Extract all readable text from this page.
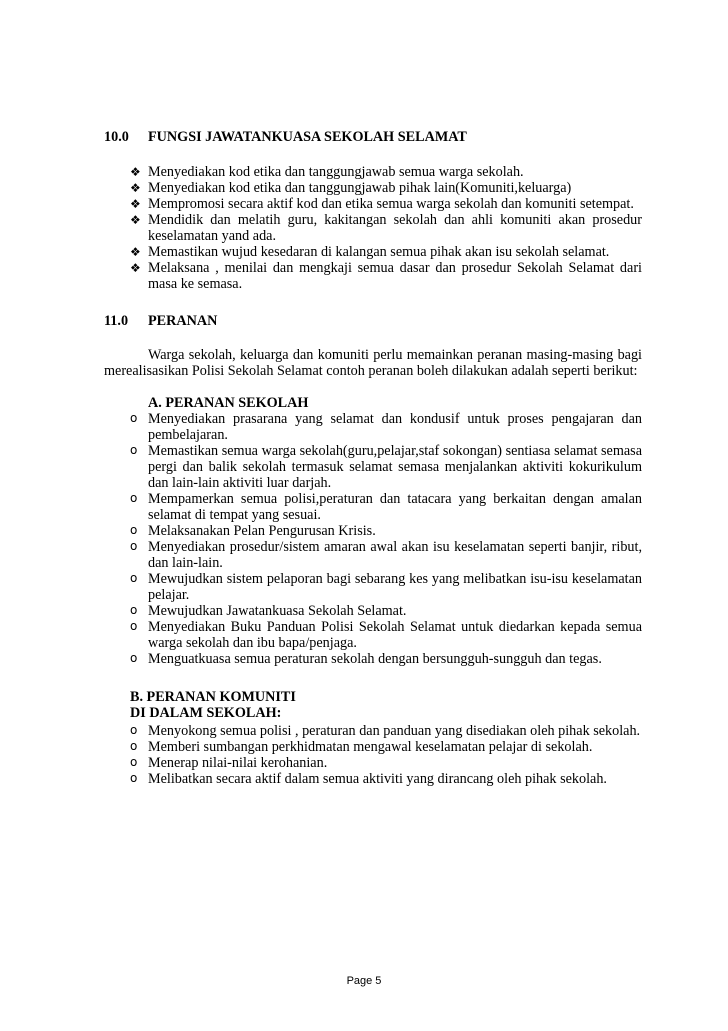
10.0 FUNGSI JAWATANKUASA SEKOLAH SELAMAT
❖ Menyediakan kod etika dan tanggungjawab semua warga sekolah.
❖ Menyediakan kod etika dan tanggungjawab pihak lain(Komuniti,keluarga)
❖ Mempromosi secara aktif kod dan etika semua warga sekolah dan komuniti setempat.
❖ Mendidik dan melatih guru, kakitangan sekolah dan ahli komuniti akan prosedur keselamatan yand ada.
❖ Memastikan wujud kesedaran di kalangan semua pihak akan isu sekolah selamat.
❖ Melaksana , menilai dan mengkaji semua dasar dan prosedur Sekolah Selamat dari masa ke semasa.
11.0 PERANAN
Warga sekolah, keluarga dan komuniti perlu memainkan peranan masing-masing bagi merealisasikan Polisi Sekolah Selamat contoh peranan boleh dilakukan adalah seperti berikut:
A. PERANAN SEKOLAH
o Menyediakan prasarana yang selamat dan kondusif untuk proses pengajaran dan pembelajaran.
o Memastikan semua warga sekolah(guru,pelajar,staf sokongan) sentiasa selamat semasa pergi dan balik sekolah termasuk selamat semasa menjalankan aktiviti kokurikulum dan lain-lain aktiviti luar darjah.
o Mempamerkan semua polisi,peraturan dan tatacara yang berkaitan dengan amalan selamat di tempat yang sesuai.
o Melaksanakan Pelan Pengurusan Krisis.
o Menyediakan prosedur/sistem amaran awal akan isu keselamatan seperti banjir, ribut, dan lain-lain.
o Mewujudkan sistem pelaporan bagi sebarang kes yang melibatkan isu-isu keselamatan pelajar.
o Mewujudkan Jawatankuasa Sekolah Selamat.
o Menyediakan Buku Panduan Polisi Sekolah Selamat untuk diedarkan kepada semua warga sekolah dan ibu bapa/penjaga.
o Menguatkuasa semua peraturan sekolah dengan bersungguh-sungguh dan tegas.
B. PERANAN KOMUNITI
DI DALAM SEKOLAH:
o Menyokong semua polisi , peraturan dan panduan yang disediakan oleh pihak sekolah.
o Memberi sumbangan perkhidmatan mengawal keselamatan pelajar di sekolah.
o Menerap nilai-nilai kerohanian.
o Melibatkan secara aktif dalam semua aktiviti yang dirancang oleh pihak sekolah.
Page 5
